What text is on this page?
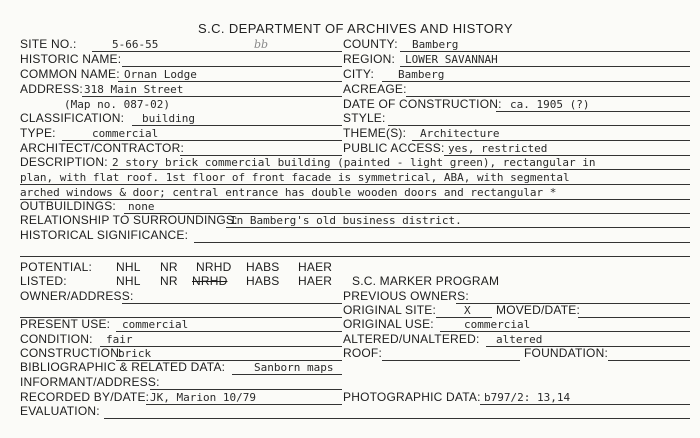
S.C. DEPARTMENT OF ARCHIVES AND HISTORY
SITE NO.:	5-66-55	bb	COUNTY: Bamberg
HISTORIC NAME:	REGION: LOWER SAVANNAH
COMMON NAME: Ornan Lodge	CITY: Bamberg
ADDRESS: 318 Main Street	ACREAGE:
(Map no. 087-02)	DATE OF CONSTRUCTION: ca. 1905 (?)
CLASSIFICATION: building	STYLE:
TYPE:	commercial	THEME(S): Architecture
ARCHITECT/CONTRACTOR:	PUBLIC ACCESS: yes, restricted
DESCRIPTION: 2 story brick commercial building (painted - light green), rectangular in
plan, with flat roof. 1st floor of front facade is symmetrical, ABA, with segmental
arched windows & door; central entrance has double wooden doors and rectangular *
OUTBUILDINGS: none
RELATIONSHIP TO SURROUNDINGS:
In Bamberg's old business district.
HISTORICAL SIGNIFICANCE:
POTENTIAL: NHL NR NRHD HABS HAER
LISTED:	NHL NR NRHD HABS HAER S.C. MARKER PROGRAM
OWNER/ADDRESS:	PREVIOUS OWNERS:
ORIGINAL SITE:	X MOVED/DATE:
PRESENT USE: commercial	ORIGINAL USE:	commercial
CONDITION: fair	ALTERED/UNALTERED: altered
CONSTRUCTION:
brick	ROOF:	FOUNDATION:
BIBLIOGRAPHIC & RELATED DATA:	Sanborn maps
INFORMANT/ADDRESS:
RECORDED BY/DATE: JK, Marion 10/79	PHOTOGRAPHIC DATA: b797/2: 13,14
EVALUATION:
